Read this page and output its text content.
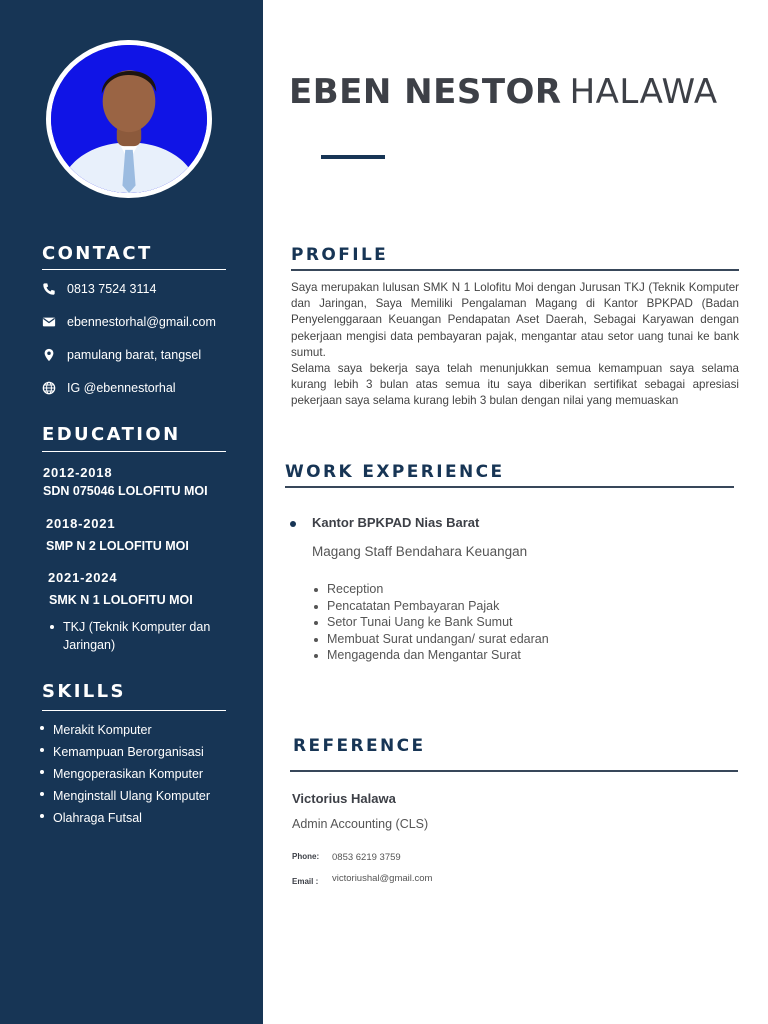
CONTACT
0813 7524 3114
ebennestorhal@gmail.com
pamulang barat, tangsel
IG @ebennestorhal
EDUCATION
2012-2018
SDN 075046 LOLOFITU MOI
2018-2021
SMP N 2 LOLOFITU MOI
2021-2024
SMK N 1 LOLOFITU MOI
TKJ (Teknik Komputer dan Jaringan)
SKILLS
Merakit Komputer
Kemampuan Berorganisasi
Mengoperasikan Komputer
Menginstall Ulang Komputer
Olahraga Futsal
EBEN NESTOR HALAWA
PROFILE

Saya merupakan lulusan SMK N 1 Lolofitu Moi dengan Jurusan TKJ (Teknik Komputer dan Jaringan, Saya Memiliki Pengalaman Magang di Kantor BPKPAD (Badan Penyelenggaraan Keuangan Pendapatan Aset Daerah, Sebagai Karyawan dengan pekerjaan mengisi data pembayaran pajak, mengantar atau setor uang tunai ke bank sumut.

Selama saya bekerja saya telah menunjukkan semua kemampuan saya selama kurang lebih 3 bulan atas semua itu saya diberikan sertifikat sebagai apresiasi pekerjaan saya selama kurang lebih 3 bulan dengan nilai yang memuaskan

WORK EXPERIENCE
Kantor BPKPAD Nias Barat
Magang Staff Bendahara Keuangan
Reception
Pencatatan Pembayaran Pajak
Setor Tunai Uang ke Bank Sumut
Membuat Surat undangan/ surat edaran
Mengagenda dan Mengantar Surat
REFERENCE
Victorius Halawa
Admin Accounting (CLS)
Phone: 0853 6219 3759
Email : victoriushal@gmail.com
